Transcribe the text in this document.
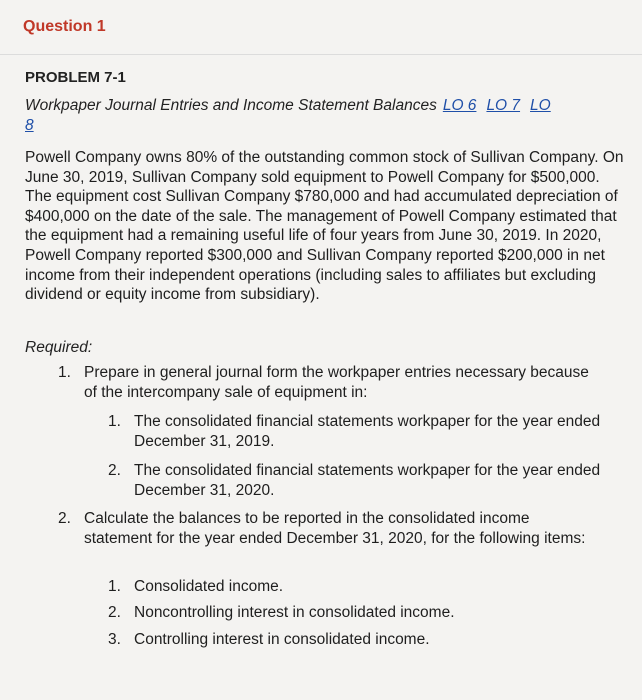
Question 1
PROBLEM 7-1
Workpaper Journal Entries and Income Statement Balances LO 6 LO 7 LO
8
Powell Company owns 80% of the outstanding common stock of Sullivan Company. On June 30, 2019, Sullivan Company sold equipment to Powell Company for $500,000. The equipment cost Sullivan Company $780,000 and had accumulated depreciation of $400,000 on the date of the sale. The management of Powell Company estimated that the equipment had a remaining useful life of four years from June 30, 2019. In 2020, Powell Company reported $300,000 and Sullivan Company reported $200,000 in net income from their independent operations (including sales to affiliates but excluding dividend or equity income from subsidiary).
Required:
1. Prepare in general journal form the workpaper entries necessary because of the intercompany sale of equipment in:
1. The consolidated financial statements workpaper for the year ended December 31, 2019.
2. The consolidated financial statements workpaper for the year ended December 31, 2020.
2. Calculate the balances to be reported in the consolidated income statement for the year ended December 31, 2020, for the following items:
1. Consolidated income.
2. Noncontrolling interest in consolidated income.
3. Controlling interest in consolidated income.
